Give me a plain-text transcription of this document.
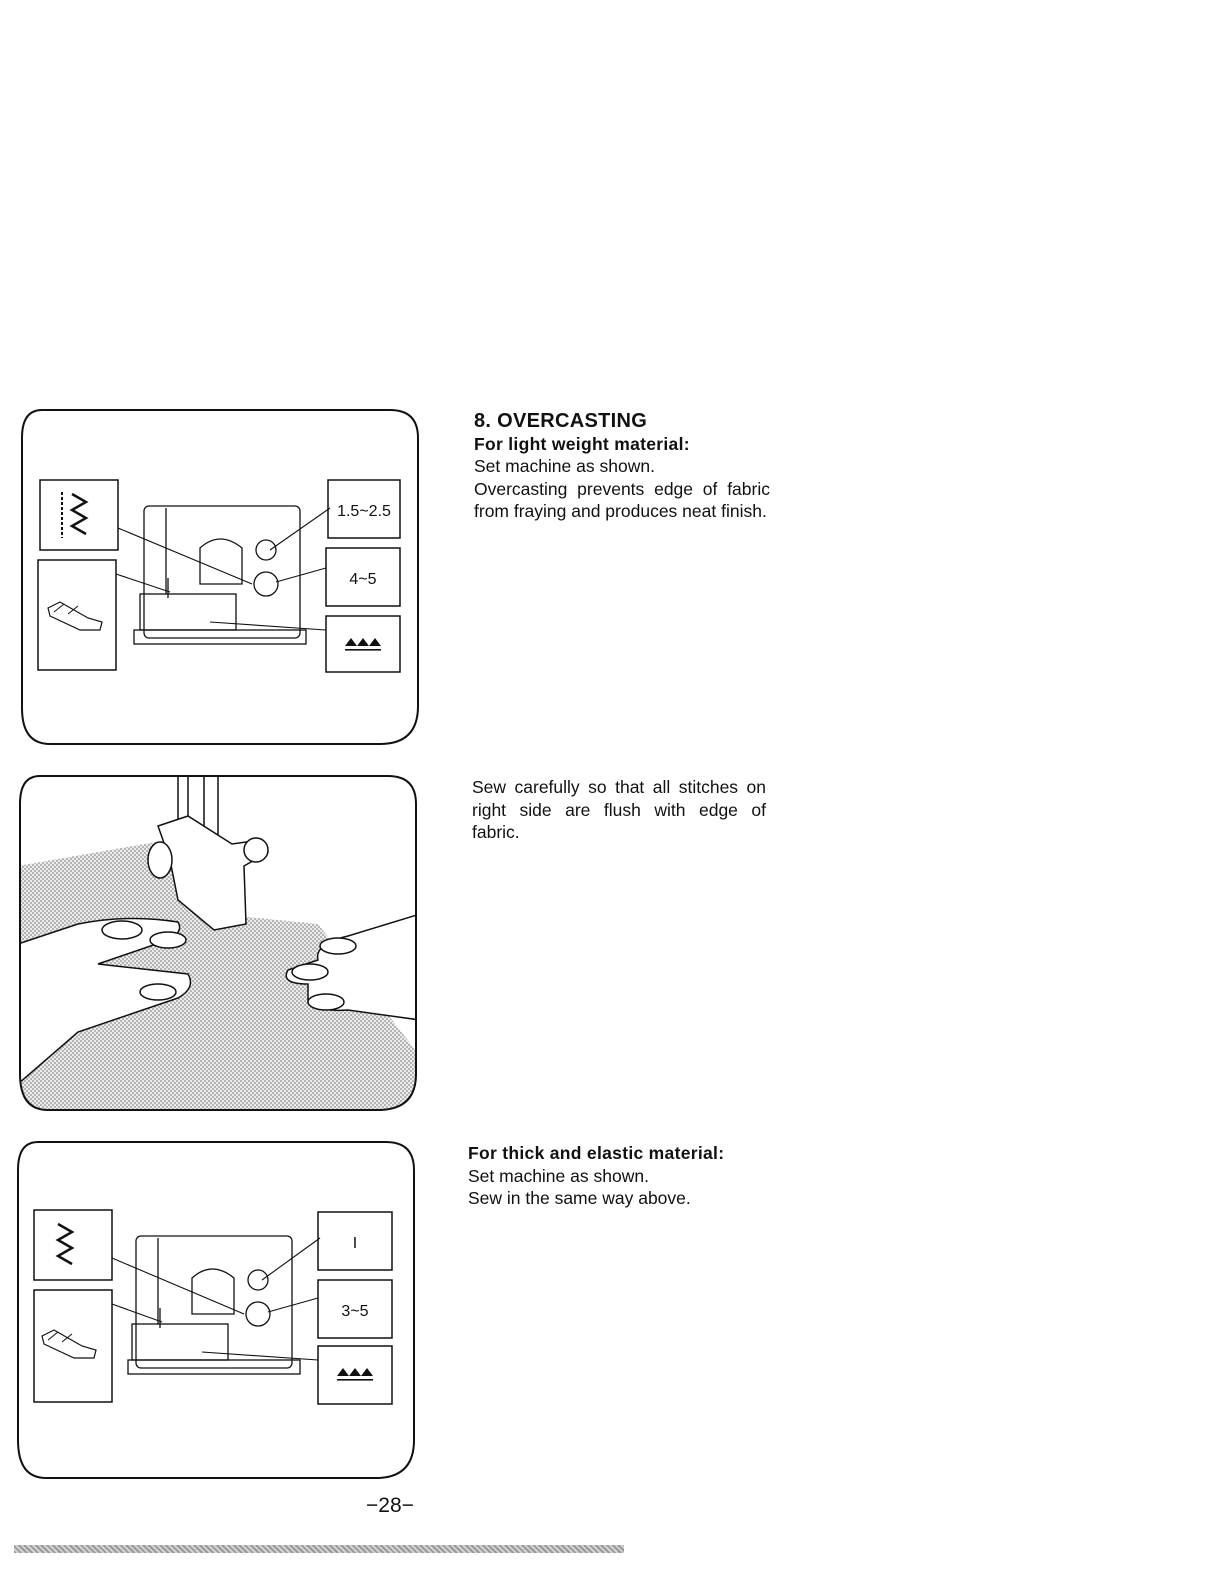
1.5~2.5
4~5
I
3~5

8. OVERCASTING

For light weight material:

Set machine as shown.

Overcasting prevents edge of fabric from fraying and produces neat finish.

Sew carefully so that all stitches on right side are flush with edge of fabric.

For thick and elastic material:

Set machine as shown.

Sew in the same way above.

−28−
